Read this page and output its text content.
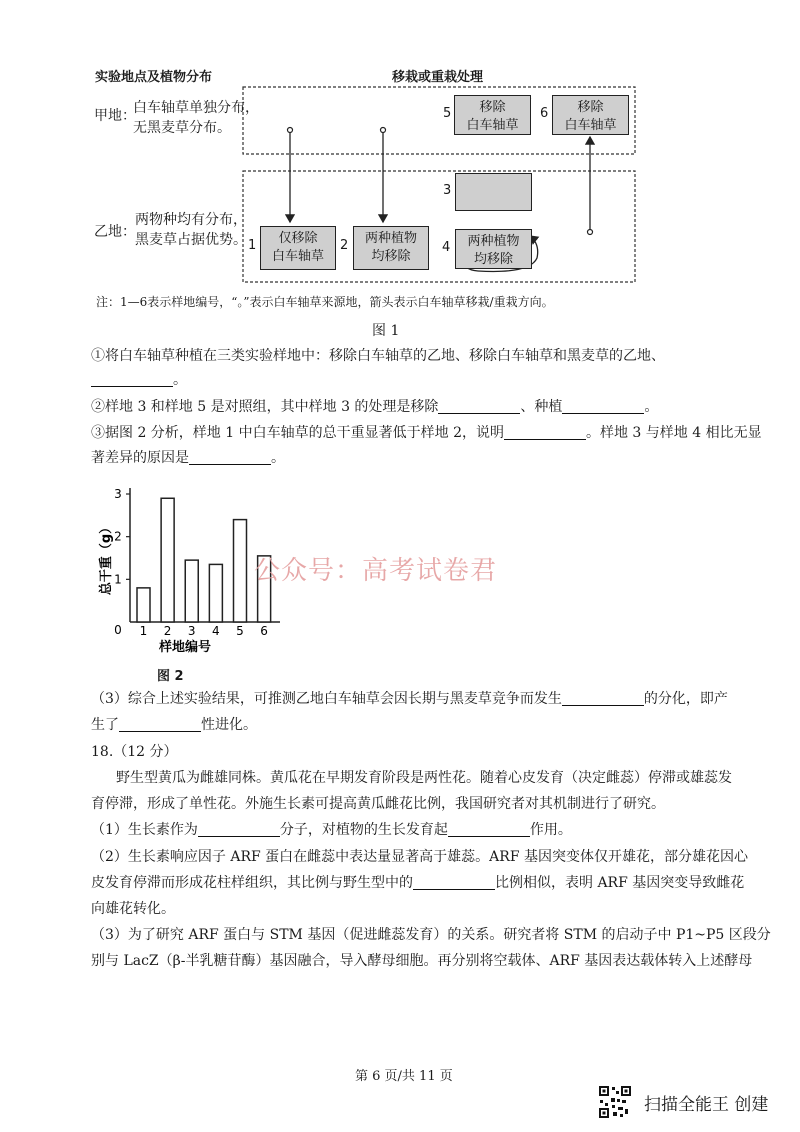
实验地点及植物分布	移栽或重栽处理
甲地：
白车轴草单独分布，
无黑麦草分布。
乙地：
两物种均有分布，
黑麦草占据优势。	仅移除
白车轴草
1	两种植物
均移除
2
3
两种植物
均移除
4
移除
白车轴草
5	移除
白车轴草
6
注：1—6表示样地编号，“。”表示白车轴草来源地，箭头表示白车轴草移栽/重栽方向。
图 1
①将白车轴草种植在三类实验样地中：移除白车轴草的乙地、移除白车轴草和黑麦草的乙地、
。
②样地 3 和样地 5 是对照组，其中样地 3 的处理是移除	、种植	。
③据图 2 分析，样地 1 中白车轴草的总干重显著低于样地 2，说明	。样地 3 与样地 4 相比无显
著差异的原因是	。
0
1
2
3
总干重（g）
1 2 3 4 5 6
样地编号
图 2
公众号：高考试卷君
（3）综合上述实验结果，可推测乙地白车轴草会因长期与黑麦草竞争而发生	的分化，即产
生了	性进化。
18.（12 分）
野生型黄瓜为雌雄同株。黄瓜花在早期发育阶段是两性花。随着心皮发育（决定雌蕊）停滞或雄蕊发
育停滞，形成了单性花。外施生长素可提高黄瓜雌花比例，我国研究者对其机制进行了研究。
（1）生长素作为	分子，对植物的生长发育起	作用。
（2）生长素响应因子 ARF 蛋白在雌蕊中表达量显著高于雄蕊。ARF 基因突变体仅开雄花，部分雄花因心
皮发育停滞而形成花柱样组织，其比例与野生型中的	比例相似，表明 ARF 基因突变导致雌花
向雄花转化。
（3）为了研究 ARF 蛋白与 STM 基因（促进雌蕊发育）的关系。研究者将 STM 的启动子中 P1~P5 区段分
别与 LacZ（β-半乳糖苷酶）基因融合，导入酵母细胞。再分别将空载体、ARF 基因表达载体转入上述酵母
第 6 页/共 11 页
扫描全能王 创建
